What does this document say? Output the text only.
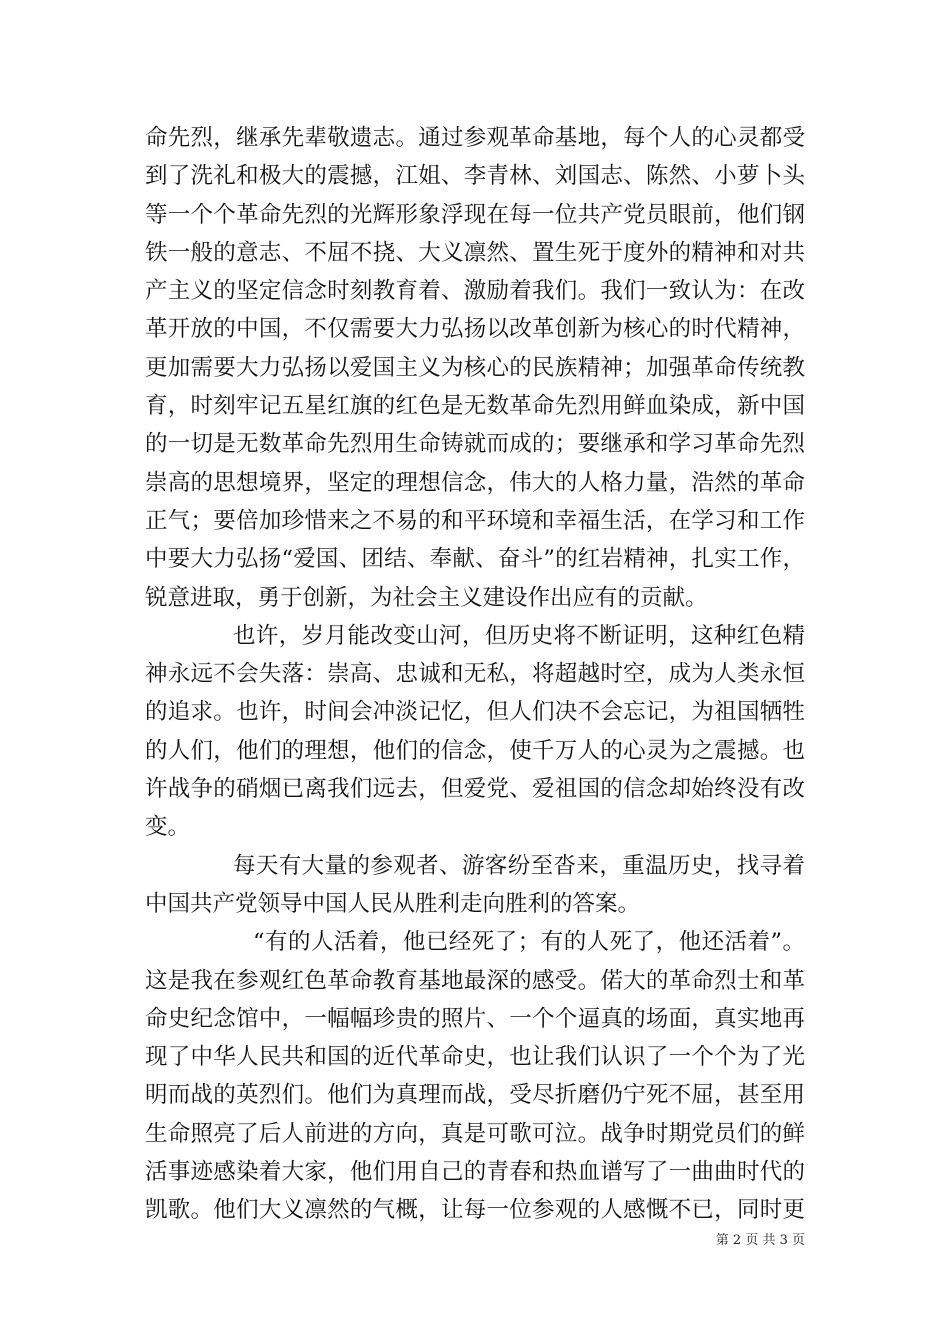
命先烈，继承先辈敬遗志。通过参观革命基地，每个人的心灵都受
到了洗礼和极大的震撼，江姐、李青林、刘国志、陈然、小萝卜头
等一个个革命先烈的光辉形象浮现在每一位共产党员眼前，他们钢
铁一般的意志、不屈不挠、大义凛然、置生死于度外的精神和对共
产主义的坚定信念时刻教育着、激励着我们。我们一致认为：在改
革开放的中国，不仅需要大力弘扬以改革创新为核心的时代精神，
更加需要大力弘扬以爱国主义为核心的民族精神；加强革命传统教
育，时刻牢记五星红旗的红色是无数革命先烈用鲜血染成，新中国
的一切是无数革命先烈用生命铸就而成的；要继承和学习革命先烈
崇高的思想境界，坚定的理想信念，伟大的人格力量，浩然的革命
正气；要倍加珍惜来之不易的和平环境和幸福生活，在学习和工作
中要大力弘扬“爱国、团结、奉献、奋斗”的红岩精神，扎实工作，
锐意进取，勇于创新，为社会主义建设作出应有的贡献。
也许，岁月能改变山河，但历史将不断证明，这种红色精
神永远不会失落：崇高、忠诚和无私，将超越时空，成为人类永恒
的追求。也许，时间会冲淡记忆，但人们决不会忘记，为祖国牺牲
的人们，他们的理想，他们的信念，使千万人的心灵为之震撼。也
许战争的硝烟已离我们远去，但爱党、爱祖国的信念却始终没有改
变。
每天有大量的参观者、游客纷至沓来，重温历史，找寻着
中国共产党领导中国人民从胜利走向胜利的答案。
“有的人活着，他已经死了；有的人死了，他还活着”。
这是我在参观红色革命教育基地最深的感受。偌大的革命烈士和革
命史纪念馆中，一幅幅珍贵的照片、一个个逼真的场面，真实地再
现了中华人民共和国的近代革命史，也让我们认识了一个个为了光
明而战的英烈们。他们为真理而战，受尽折磨仍宁死不屈，甚至用
生命照亮了后人前进的方向，真是可歌可泣。战争时期党员们的鲜
活事迹感染着大家，他们用自己的青春和热血谱写了一曲曲时代的
凯歌。他们大义凛然的气概，让每一位参观的人感慨不已，同时更
第 2 页 共 3 页
